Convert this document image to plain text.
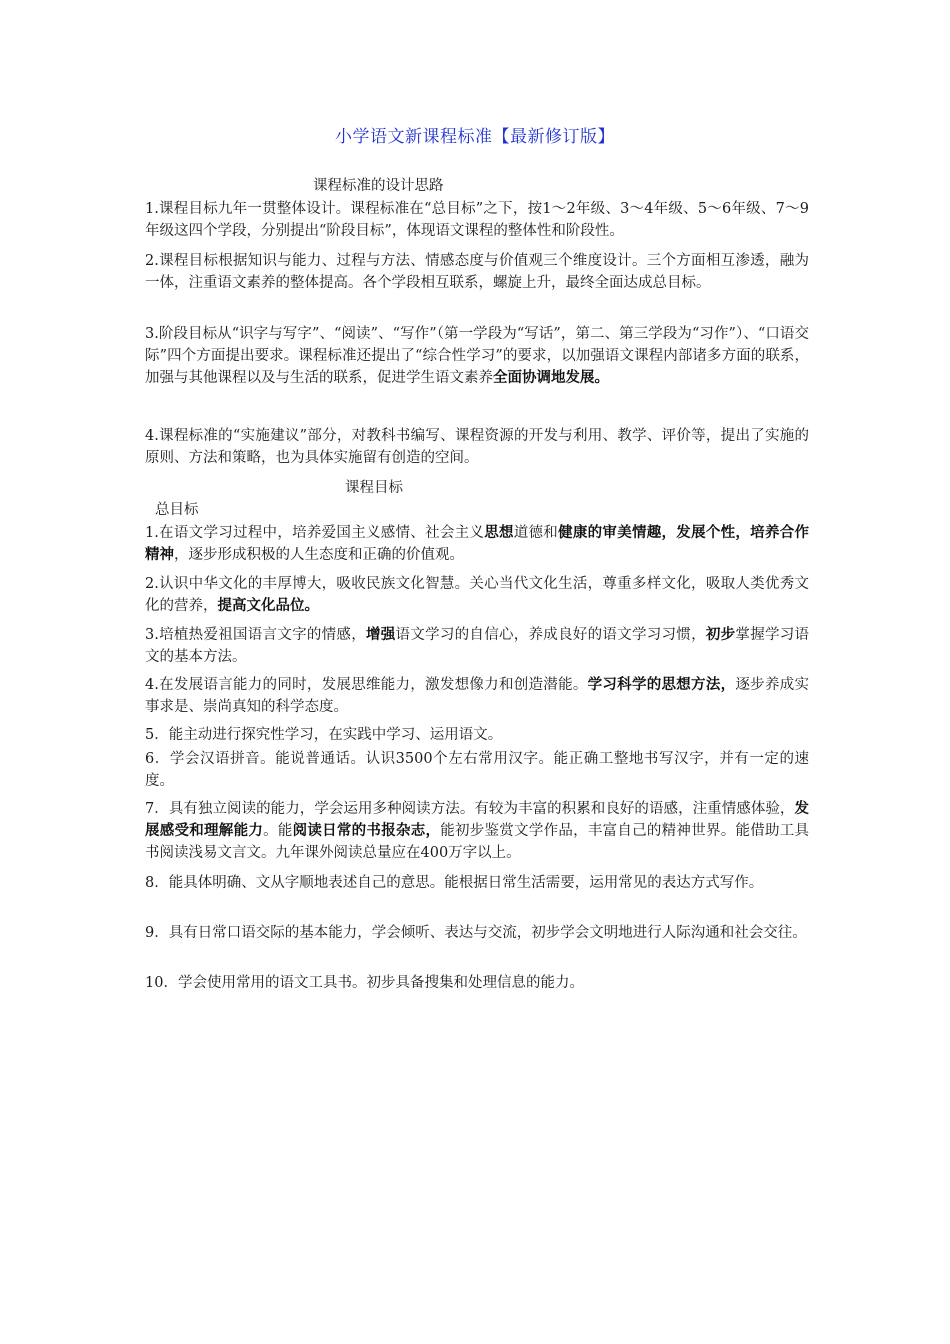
小学语文新课程标准【最新修订版】
课程标准的设计思路
1.课程目标九年一贯整体设计。课程标准在“总目标”之下，按1～2年级、3～4年级、5～6年级、7～9年级这四个学段，分别提出“阶段目标”，体现语文课程的整体性和阶段性。
2.课程目标根据知识与能力、过程与方法、情感态度与价值观三个维度设计。三个方面相互渗透，融为一体，注重语文素养的整体提高。各个学段相互联系，螺旋上升，最终全面达成总目标。
3.阶段目标从“识字与写字”、“阅读”、“写作”（第一学段为“写话”，第二、第三学段为“习作”）、“口语交际”四个方面提出要求。课程标准还提出了“综合性学习”的要求，以加强语文课程内部诸多方面的联系，加强与其他课程以及与生活的联系，促进学生语文素养全面协调地发展。
4.课程标准的“实施建议”部分，对教科书编写、课程资源的开发与利用、教学、评价等，提出了实施的原则、方法和策略，也为具体实施留有创造的空间。
课程目标
总目标
1.在语文学习过程中，培养爱国主义感情、社会主义思想道德和健康的审美情趣，发展个性，培养合作精神，逐步形成积极的人生态度和正确的价值观。
2.认识中华文化的丰厚博大，吸收民族文化智慧。关心当代文化生活，尊重多样文化，吸取人类优秀文化的营养，提高文化品位。
3.培植热爱祖国语言文字的情感，增强语文学习的自信心，养成良好的语文学习习惯，初步掌握学习语文的基本方法。
4.在发展语言能力的同时，发展思维能力，激发想像力和创造潜能。学习科学的思想方法，逐步养成实事求是、崇尚真知的科学态度。
5．能主动进行探究性学习，在实践中学习、运用语文。
6．学会汉语拼音。能说普通话。认识3500个左右常用汉字。能正确工整地书写汉字，并有一定的速度。
7．具有独立阅读的能力，学会运用多种阅读方法。有较为丰富的积累和良好的语感，注重情感体验，发展感受和理解能力。能阅读日常的书报杂志，能初步鉴赏文学作品，丰富自己的精神世界。能借助工具书阅读浅易文言文。九年课外阅读总量应在400万字以上。
8．能具体明确、文从字顺地表述自己的意思。能根据日常生活需要，运用常见的表达方式写作。
9．具有日常口语交际的基本能力，学会倾听、表达与交流，初步学会文明地进行人际沟通和社会交往。
10．学会使用常用的语文工具书。初步具备搜集和处理信息的能力。
